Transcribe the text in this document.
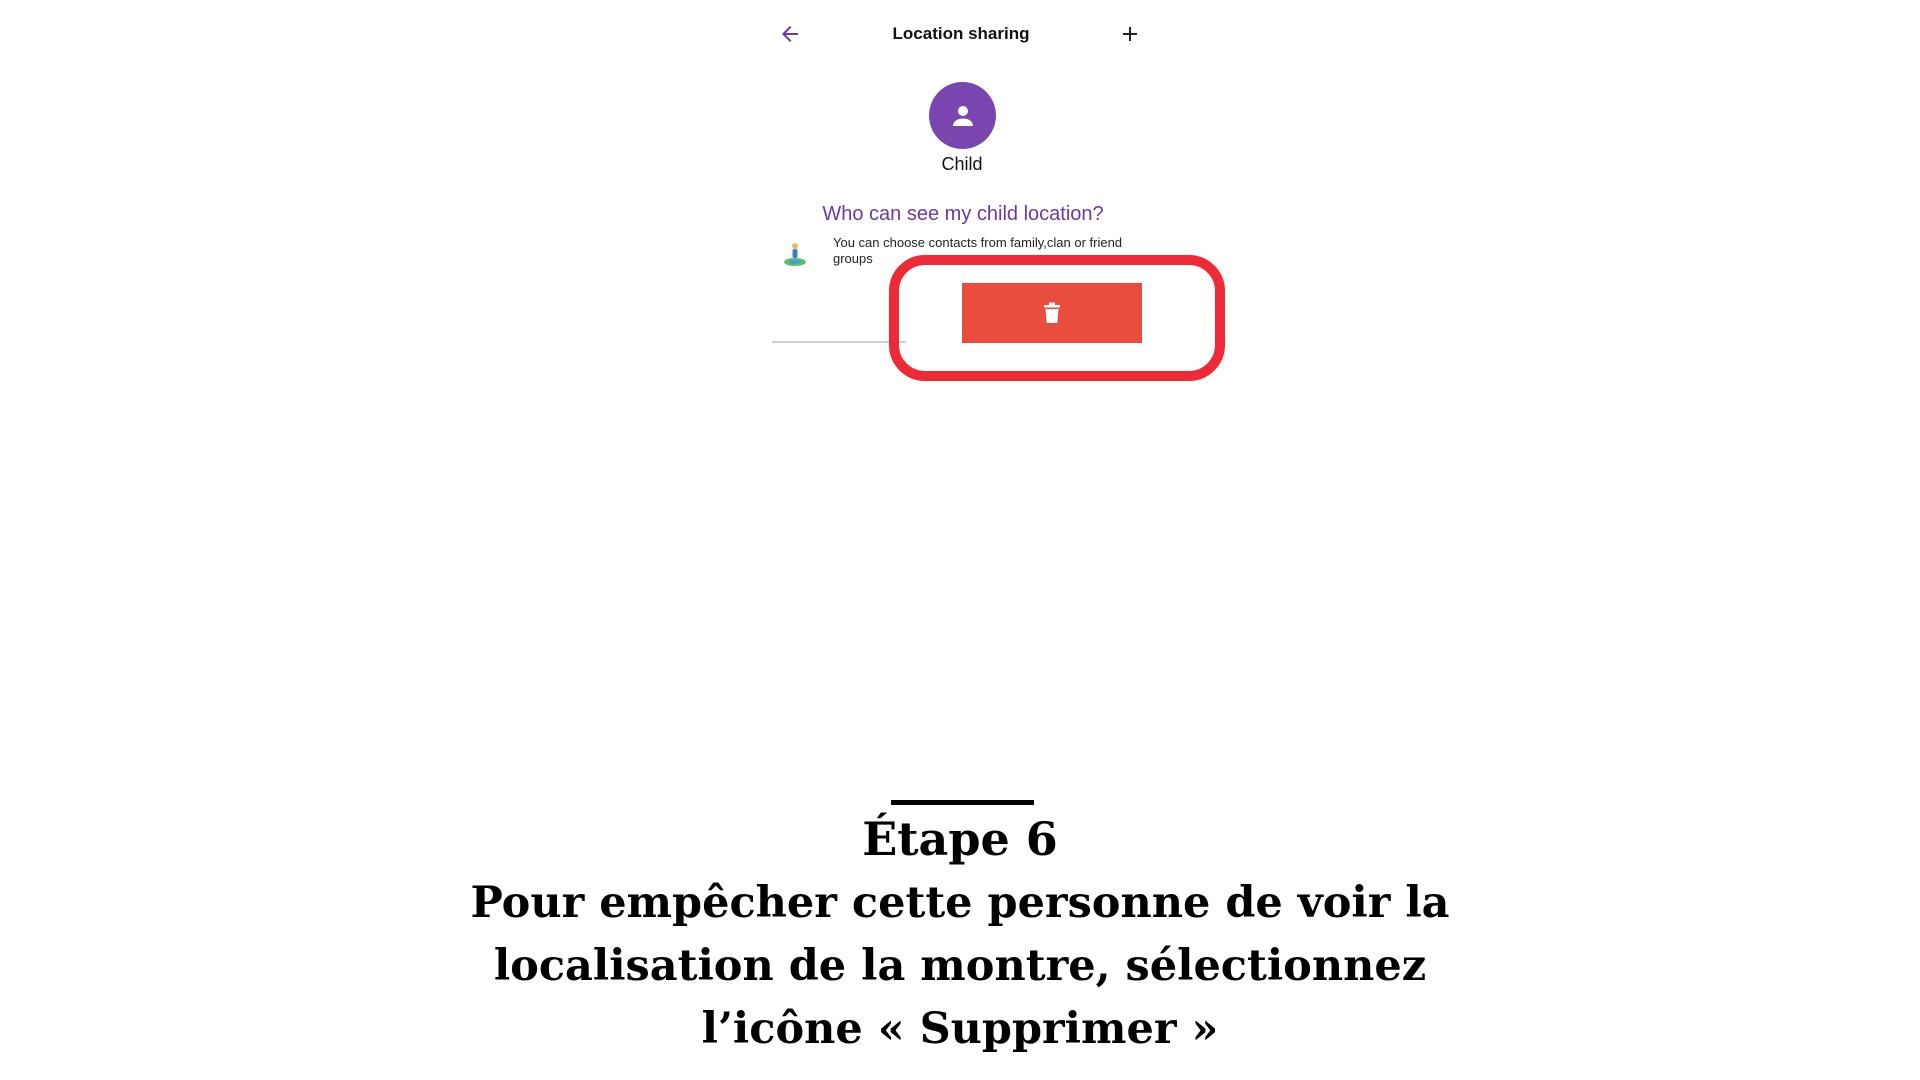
Location sharing
Child
Who can see my child location?
You can choose contacts from family,clan or friend groups
Étape 6
Pour empêcher cette personne de voir la
localisation de la montre, sélectionnez
l’icône « Supprimer »
